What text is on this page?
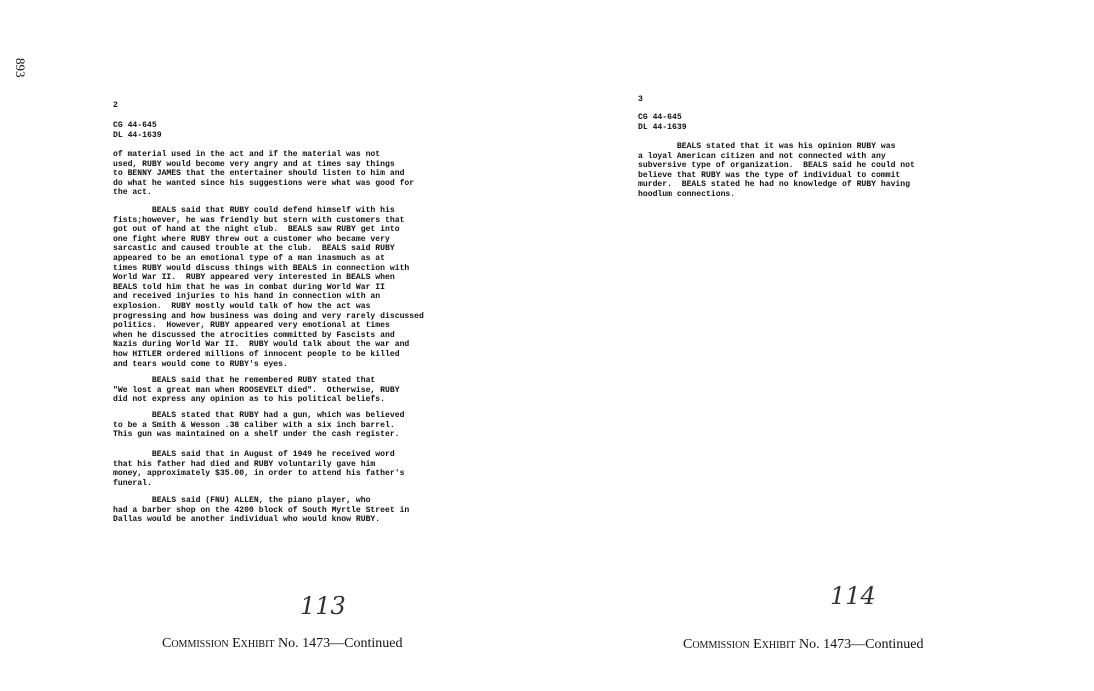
893
2
CG 44-645
DL 44-1639
of material used in the act and if the material was not
used, RUBY would become very angry and at times say things
to BENNY JAMES that the entertainer should listen to him and
do what he wanted since his suggestions were what was good for
the act.
BEALS said that RUBY could defend himself with his
fists;however, he was friendly but stern with customers that
got out of hand at the night club.  BEALS saw RUBY get into
one fight where RUBY threw out a customer who became very
sarcastic and caused trouble at the club.  BEALS said RUBY
appeared to be an emotional type of a man inasmuch as at
times RUBY would discuss things with BEALS in connection with
World War II.  RUBY appeared very interested in BEALS when
BEALS told him that he was in combat during World War II
and received injuries to his hand in connection with an
explosion.  RUBY mostly would talk of how the act was
progressing and how business was doing and very rarely discussed
politics.  However, RUBY appeared very emotional at times
when he discussed the atrocities committed by Fascists and
Nazis during World War II.  RUBY would talk about the war and
how HITLER ordered millions of innocent people to be killed
and tears would come to RUBY's eyes.
BEALS said that he remembered RUBY stated that
"We lost a great man when ROOSEVELT died".  Otherwise, RUBY
did not express any opinion as to his political beliefs.
BEALS stated that RUBY had a gun, which was believed
to be a Smith & Wesson .38 caliber with a six inch barrel.
This gun was maintained on a shelf under the cash register.
BEALS said that in August of 1949 he received word
that his father had died and RUBY voluntarily gave him
money, approximately $35.00, in order to attend his father's
funeral.
BEALS said (FNU) ALLEN, the piano player, who
had a barber shop on the 4200 block of South Myrtle Street in
Dallas would be another individual who would know RUBY.
113
Commission Exhibit No. 1473—Continued
3
CG 44-645
DL 44-1639
BEALS stated that it was his opinion RUBY was
a loyal American citizen and not connected with any
subversive type of organization.  BEALS said he could not
believe that RUBY was the type of individual to commit
murder.  BEALS stated he had no knowledge of RUBY having
hoodlum connections.
114
Commission Exhibit No. 1473—Continued
